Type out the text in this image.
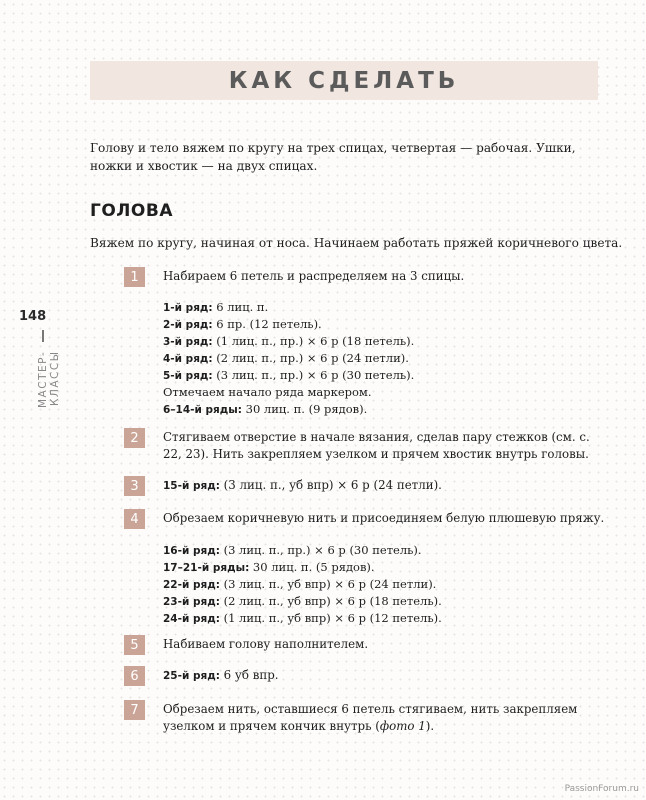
КАК СДЕЛАТЬ

Голову и тело вяжем по кругу на трех спицах, четвертая — рабочая. Ушки, ножки и хвостик — на двух спицах.

ГОЛОВА

Вяжем по кругу, начиная от носа. Начинаем работать пряжей коричневого цвета.

1	Набираем 6 петель и распределяем на 3 спицы.

1-й ряд: 6 лиц. п.
2-й ряд: 6 пр. (12 петель).
3-й ряд: (1 лиц. п., пр.) × 6 р (18 петель).
4-й ряд: (2 лиц. п., пр.) × 6 р (24 петли).
5-й ряд: (3 лиц. п., пр.) × 6 р (30 петель).
Отмечаем начало ряда маркером.
6–14-й ряды: 30 лиц. п. (9 рядов).
2	Стягиваем отверстие в начале вязания, сделав пару стежков (см. с. 22, 23). Нить закрепляем узелком и прячем хвостик внутрь головы.

3	15-й ряд: (3 лиц. п., уб впр) × 6 р (24 петли).

4	Обрезаем коричневую нить и присоединяем белую плюшевую пряжу.

16-й ряд: (3 лиц. п., пр.) × 6 р (30 петель).
17–21-й ряды: 30 лиц. п. (5 рядов).
22-й ряд: (3 лиц. п., уб впр) × 6 р (24 петли).
23-й ряд: (2 лиц. п., уб впр) × 6 р (18 петель).
24-й ряд: (1 лиц. п., уб впр) × 6 р (12 петель).
5	Набиваем голову наполнителем.

6	25-й ряд: 6 уб впр.

7	Обрезаем нить, оставшиеся 6 петель стягиваем, нить закрепляем узелком и прячем кончик внутрь (фото 1).

148

МАСТЕР-КЛАССЫ

PassionForum.ru
